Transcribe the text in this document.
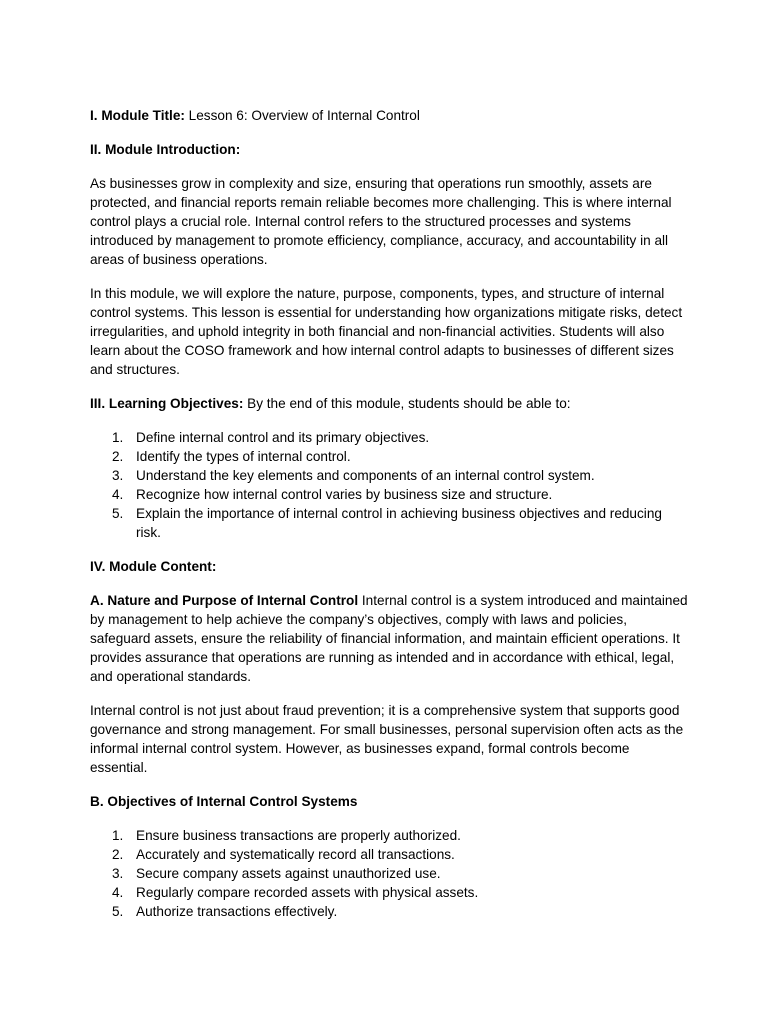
I. Module Title: Lesson 6: Overview of Internal Control

II. Module Introduction:

As businesses grow in complexity and size, ensuring that operations run smoothly, assets are protected, and financial reports remain reliable becomes more challenging. This is where internal control plays a crucial role. Internal control refers to the structured processes and systems introduced by management to promote efficiency, compliance, accuracy, and accountability in all areas of business operations.

In this module, we will explore the nature, purpose, components, types, and structure of internal control systems. This lesson is essential for understanding how organizations mitigate risks, detect irregularities, and uphold integrity in both financial and non-financial activities. Students will also learn about the COSO framework and how internal control adapts to businesses of different sizes and structures.

III. Learning Objectives: By the end of this module, students should be able to:

1. Define internal control and its primary objectives.
2. Identify the types of internal control.
3. Understand the key elements and components of an internal control system.
4. Recognize how internal control varies by business size and structure.
5. Explain the importance of internal control in achieving business objectives and reducing risk.

IV. Module Content:

A. Nature and Purpose of Internal Control Internal control is a system introduced and maintained by management to help achieve the company’s objectives, comply with laws and policies, safeguard assets, ensure the reliability of financial information, and maintain efficient operations. It provides assurance that operations are running as intended and in accordance with ethical, legal, and operational standards.

Internal control is not just about fraud prevention; it is a comprehensive system that supports good governance and strong management. For small businesses, personal supervision often acts as the informal internal control system. However, as businesses expand, formal controls become essential.

B. Objectives of Internal Control Systems

1. Ensure business transactions are properly authorized.
2. Accurately and systematically record all transactions.
3. Secure company assets against unauthorized use.
4. Regularly compare recorded assets with physical assets.
5. Authorize transactions effectively.
